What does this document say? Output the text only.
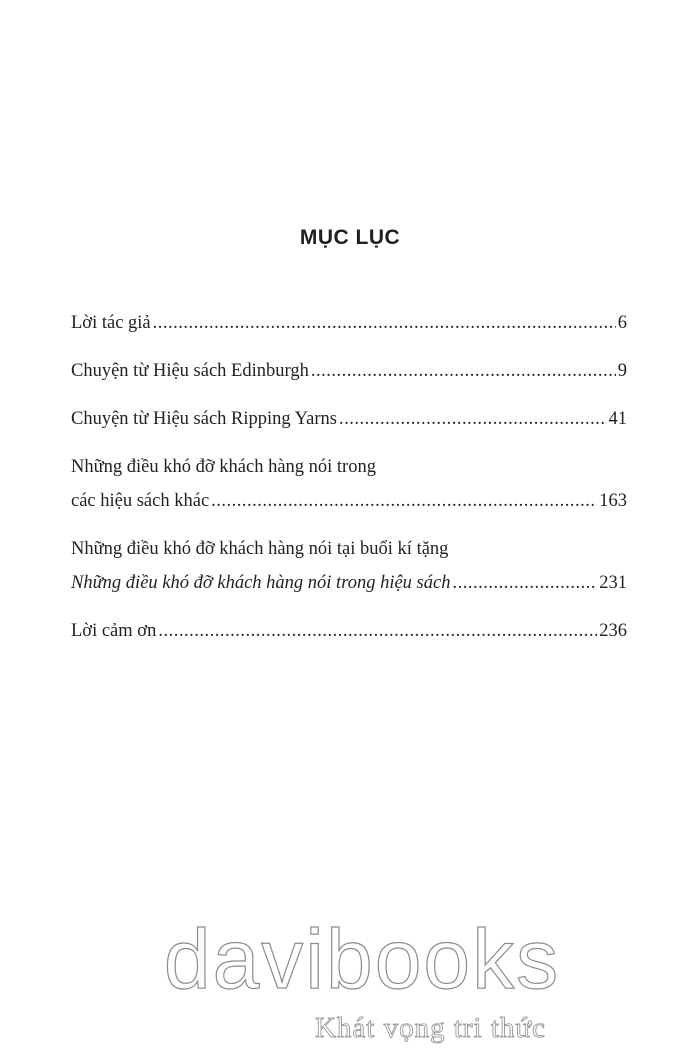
MỤC LỤC
Lời tác giả .....	6
Chuyện từ Hiệu sách Edinburgh .....	9
Chuyện từ Hiệu sách Ripping Yarns .....	41
Những điều khó đỡ khách hàng nói trong
các hiệu sách khác .....	163
Những điều khó đỡ khách hàng nói tại buổi kí tặng
Những điều khó đỡ khách hàng nói trong hiệu sách .....	231
Lời cảm ơn .....	236
davibooks
Khát vọng tri thức
